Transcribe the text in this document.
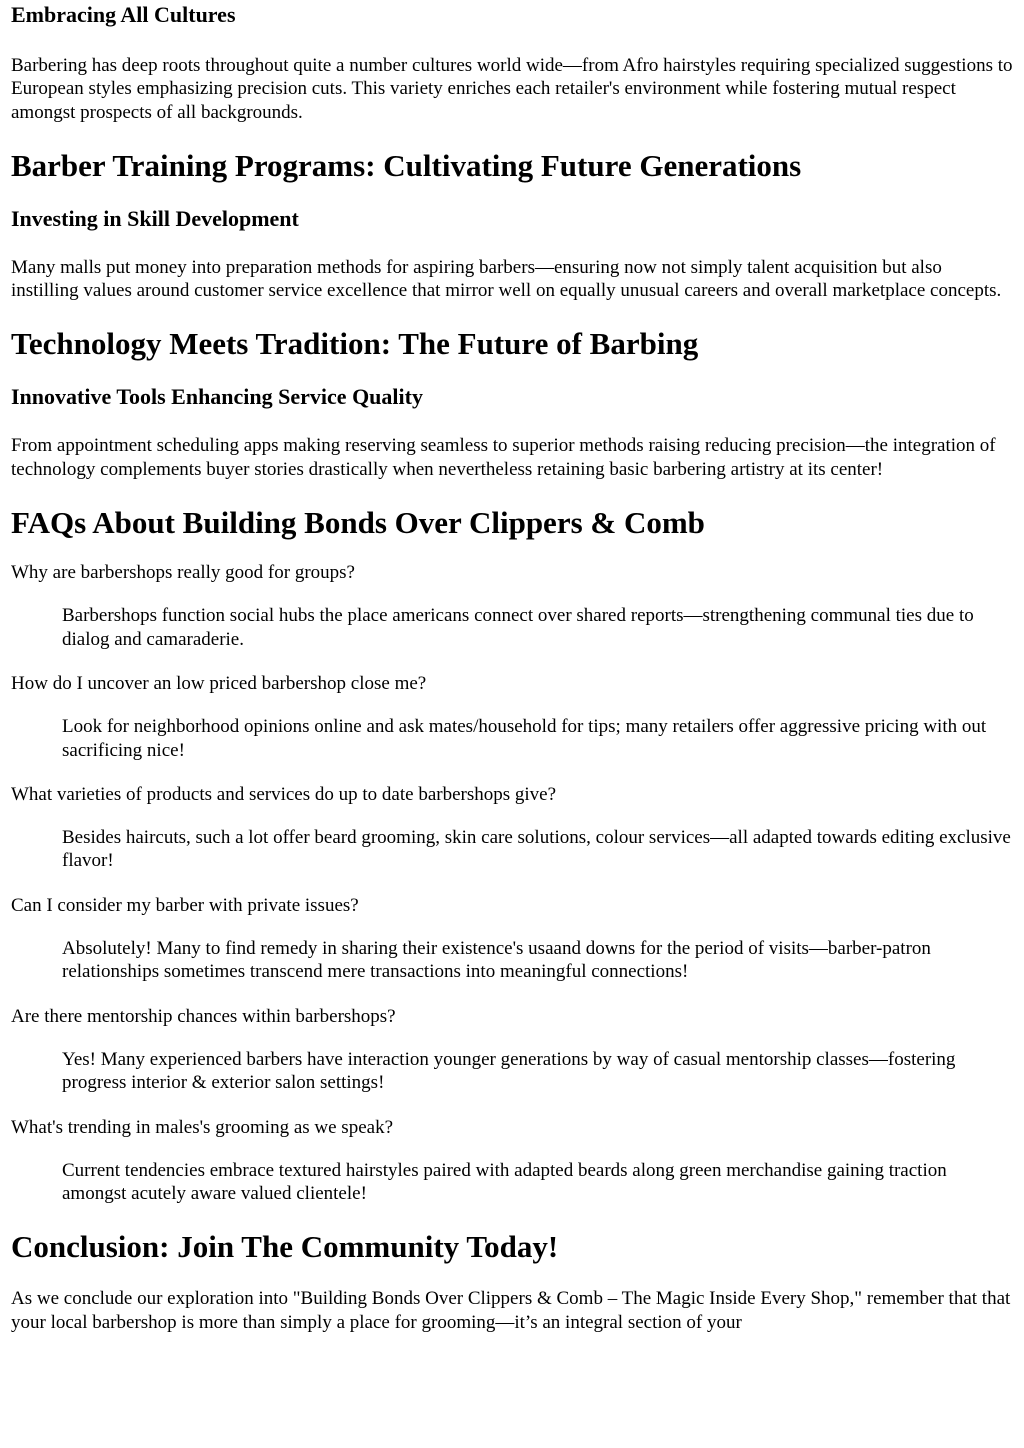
Embracing All Cultures

Barbering has deep roots throughout quite a number cultures world wide—from Afro hairstyles requiring specialized suggestions to European styles emphasizing precision cuts. This variety enriches each retailer's environment while fostering mutual respect amongst prospects of all backgrounds.

Barber Training Programs: Cultivating Future Generations
Investing in Skill Development

Many malls put money into preparation methods for aspiring barbers—ensuring now not simply talent acquisition but also instilling values around customer service excellence that mirror well on equally unusual careers and overall marketplace concepts.

Technology Meets Tradition: The Future of Barbing
Innovative Tools Enhancing Service Quality

From appointment scheduling apps making reserving seamless to superior methods raising reducing precision—the integration of technology complements buyer stories drastically when nevertheless retaining basic barbering artistry at its center!

FAQs About Building Bonds Over Clippers & Comb
Why are barbershops really good for groups?
Barbershops function social hubs the place americans connect over shared reports—strengthening communal ties due to dialog and camaraderie.
How do I uncover an low priced barbershop close me?
Look for neighborhood opinions online and ask mates/household for tips; many retailers offer aggressive pricing with out sacrificing nice!
What varieties of products and services do up to date barbershops give?
Besides haircuts, such a lot offer beard grooming, skin care solutions, colour services—all adapted towards editing exclusive flavor!
Can I consider my barber with private issues?
Absolutely! Many to find remedy in sharing their existence's usaand downs for the period of visits—barber-patron relationships sometimes transcend mere transactions into meaningful connections!
Are there mentorship chances within barbershops?
Yes! Many experienced barbers have interaction younger generations by way of casual mentorship classes—fostering progress interior & exterior salon settings!
What's trending in males's grooming as we speak?
Current tendencies embrace textured hairstyles paired with adapted beards along green merchandise gaining traction amongst acutely aware valued clientele!
Conclusion: Join The Community Today!

As we conclude our exploration into "Building Bonds Over Clippers & Comb – The Magic Inside Every Shop," remember that that your local barbershop is more than simply a place for grooming—it’s an integral section of your
